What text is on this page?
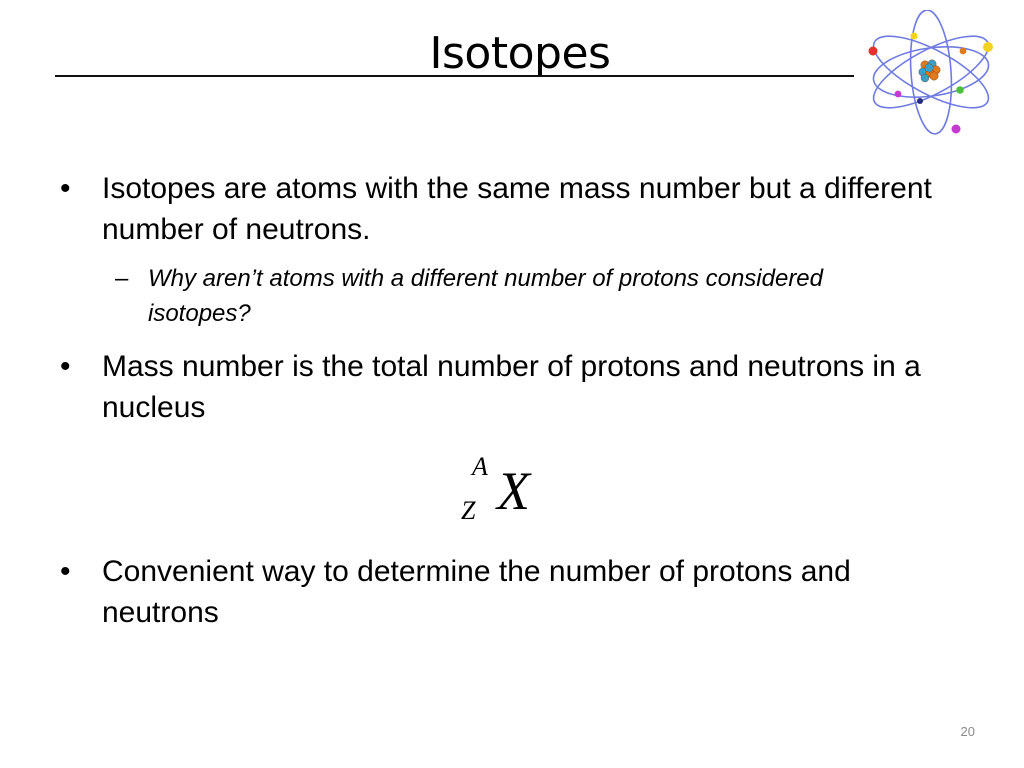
Isotopes
•	Isotopes are atoms with the same mass number but a different number of neutrons.
– Why aren’t atoms with a different number of protons considered isotopes?
•	Mass number is the total number of protons and neutrons in a nucleus
A
Z X
•	Convenient way to determine the number of protons and neutrons
20
